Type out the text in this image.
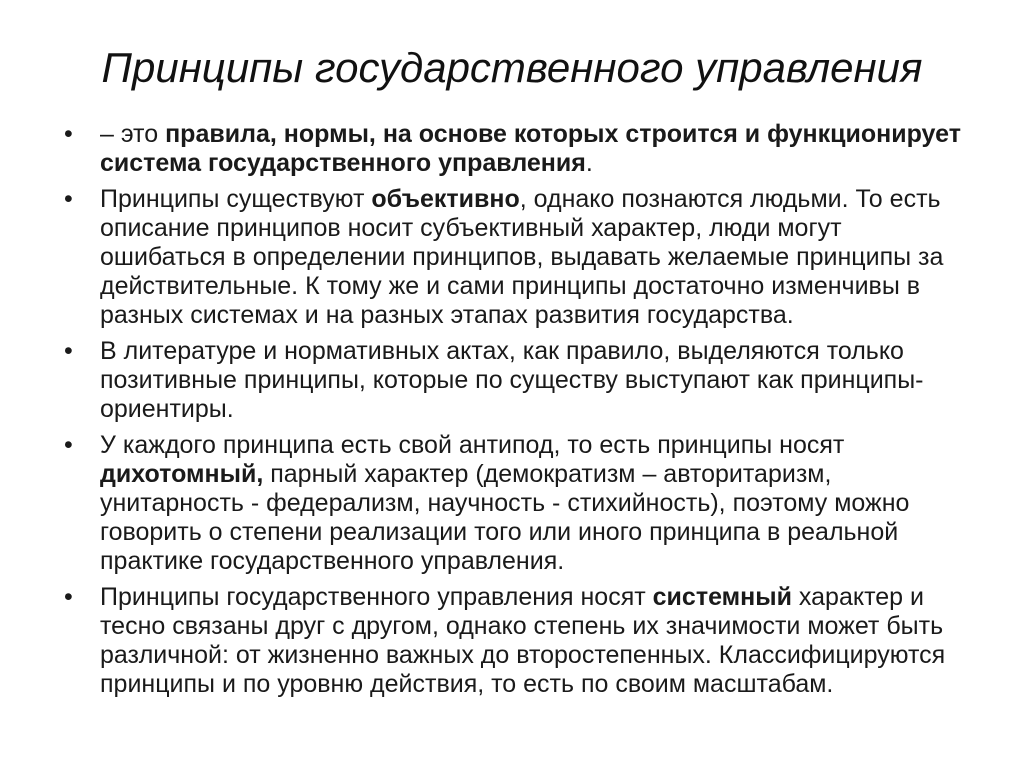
Принципы государственного управления
•	– это правила, нормы, на основе которых строится и функционирует система государственного управления.
•	Принципы существуют объективно, однако познаются людьми. То есть описание принципов носит субъективный характер, люди могут ошибаться в определении принципов, выдавать желаемые принципы за действительные. К тому же и сами принципы достаточно изменчивы в разных системах и на разных этапах развития государства.
•	В литературе и нормативных актах, как правило, выделяются только позитивные принципы, которые по существу выступают как принципы-ориентиры.
•	У каждого принципа есть свой антипод, то есть принципы носят дихотомный, парный характер (демократизм – авторитаризм, унитарность - федерализм, научность - стихийность), поэтому можно говорить о степени реализации того или иного принципа в реальной практике государственного управления.
•	Принципы государственного управления носят системный характер и тесно связаны друг с другом, однако степень их значимости может быть различной: от жизненно важных до второстепенных. Классифицируются принципы и по уровню действия, то есть по своим масштабам.
